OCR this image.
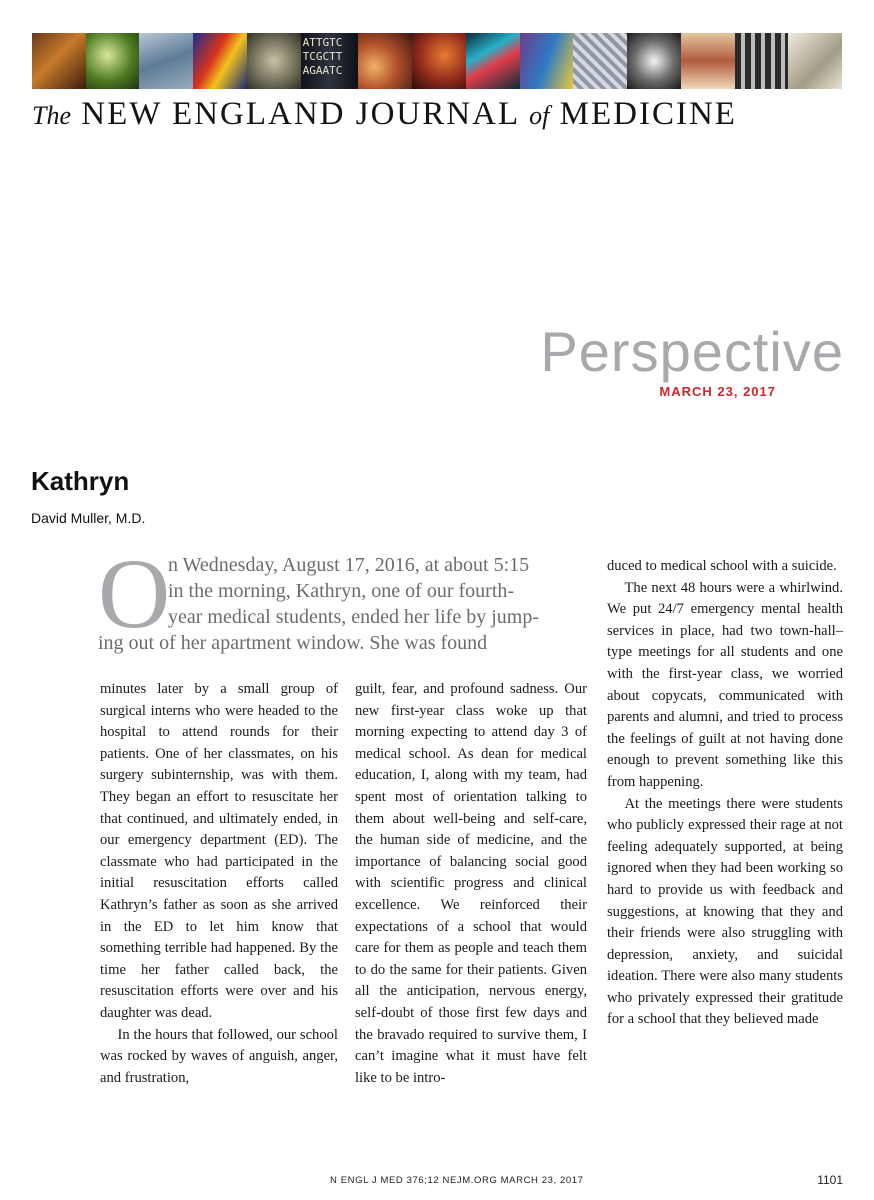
ATTGTC
TCGCTT
AGAATC
The NEW ENGLAND JOURNAL of MEDICINE
Perspective
MARCH 23, 2017
Kathryn
David Muller, M.D.
O
n Wednesday, August 17, 2016, at about 5:15
in the morning, Kathryn, one of our fourth-
year medical students, ended her life by jump-
ing out of her apartment window. She was found

minutes later by a small group of surgical interns who were headed to the hospital to attend rounds for their patients. One of her classmates, on his surgery subinternship, was with them. They began an effort to resuscitate her that continued, and ultimately ended, in our emergency department (ED). The classmate who had participated in the initial resuscitation efforts called Kathryn’s father as soon as she arrived in the ED to let him know that something terrible had happened. By the time her father called back, the resuscitation efforts were over and his daughter was dead.

In the hours that followed, our school was rocked by waves of anguish, anger, and frustration,

guilt, fear, and profound sadness. Our new first-year class woke up that morning expecting to attend day 3 of medical school. As dean for medical education, I, along with my team, had spent most of orientation talking to them about well-being and self-care, the human side of medicine, and the importance of balancing social good with scientific progress and clinical excellence. We reinforced their expectations of a school that would care for them as people and teach them to do the same for their patients. Given all the anticipation, nervous energy, self-doubt of those first few days and the bravado required to survive them, I can’t imagine what it must have felt like to be intro-

duced to medical school with a suicide.

The next 48 hours were a whirlwind. We put 24/7 emergency mental health services in place, had two town-hall–type meetings for all students and one with the first-year class, we worried about copycats, communicated with parents and alumni, and tried to process the feelings of guilt at not having done enough to prevent something like this from happening.

At the meetings there were students who publicly expressed their rage at not feeling adequately supported, at being ignored when they had been working so hard to provide us with feedback and suggestions, at knowing that they and their friends were also struggling with depression, anxiety, and suicidal ideation. There were also many students who privately expressed their gratitude for a school that they believed made

N ENGL J MED 376;12 NEJM.ORG MARCH 23, 2017	1101
